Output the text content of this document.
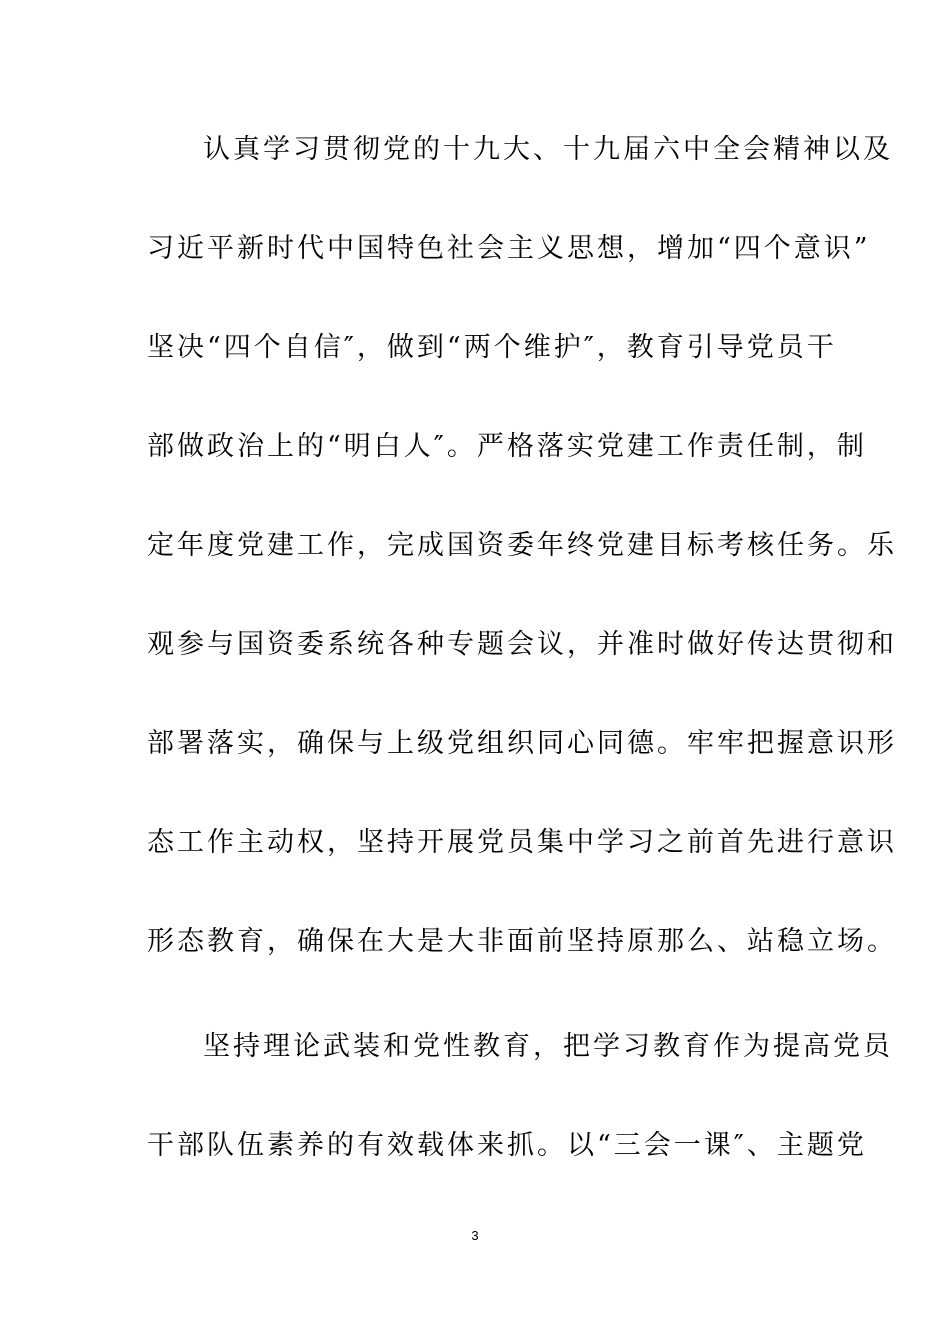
认真学习贯彻党的十九大、十九届六中全会精神以及
习近平新时代中国特色社会主义思想，增加“四个意识”
坚决“四个自信″，做到“两个维护″，教育引导党员干
部做政治上的“明白人″。严格落实党建工作责任制，制
定年度党建工作，完成国资委年终党建目标考核任务。乐
观参与国资委系统各种专题会议，并准时做好传达贯彻和
部署落实，确保与上级党组织同心同德。牢牢把握意识形
态工作主动权，坚持开展党员集中学习之前首先进行意识
形态教育，确保在大是大非面前坚持原那么、站稳立场。
坚持理论武装和党性教育，把学习教育作为提高党员
干部队伍素养的有效载体来抓。以“三会一课″、主题党
3
